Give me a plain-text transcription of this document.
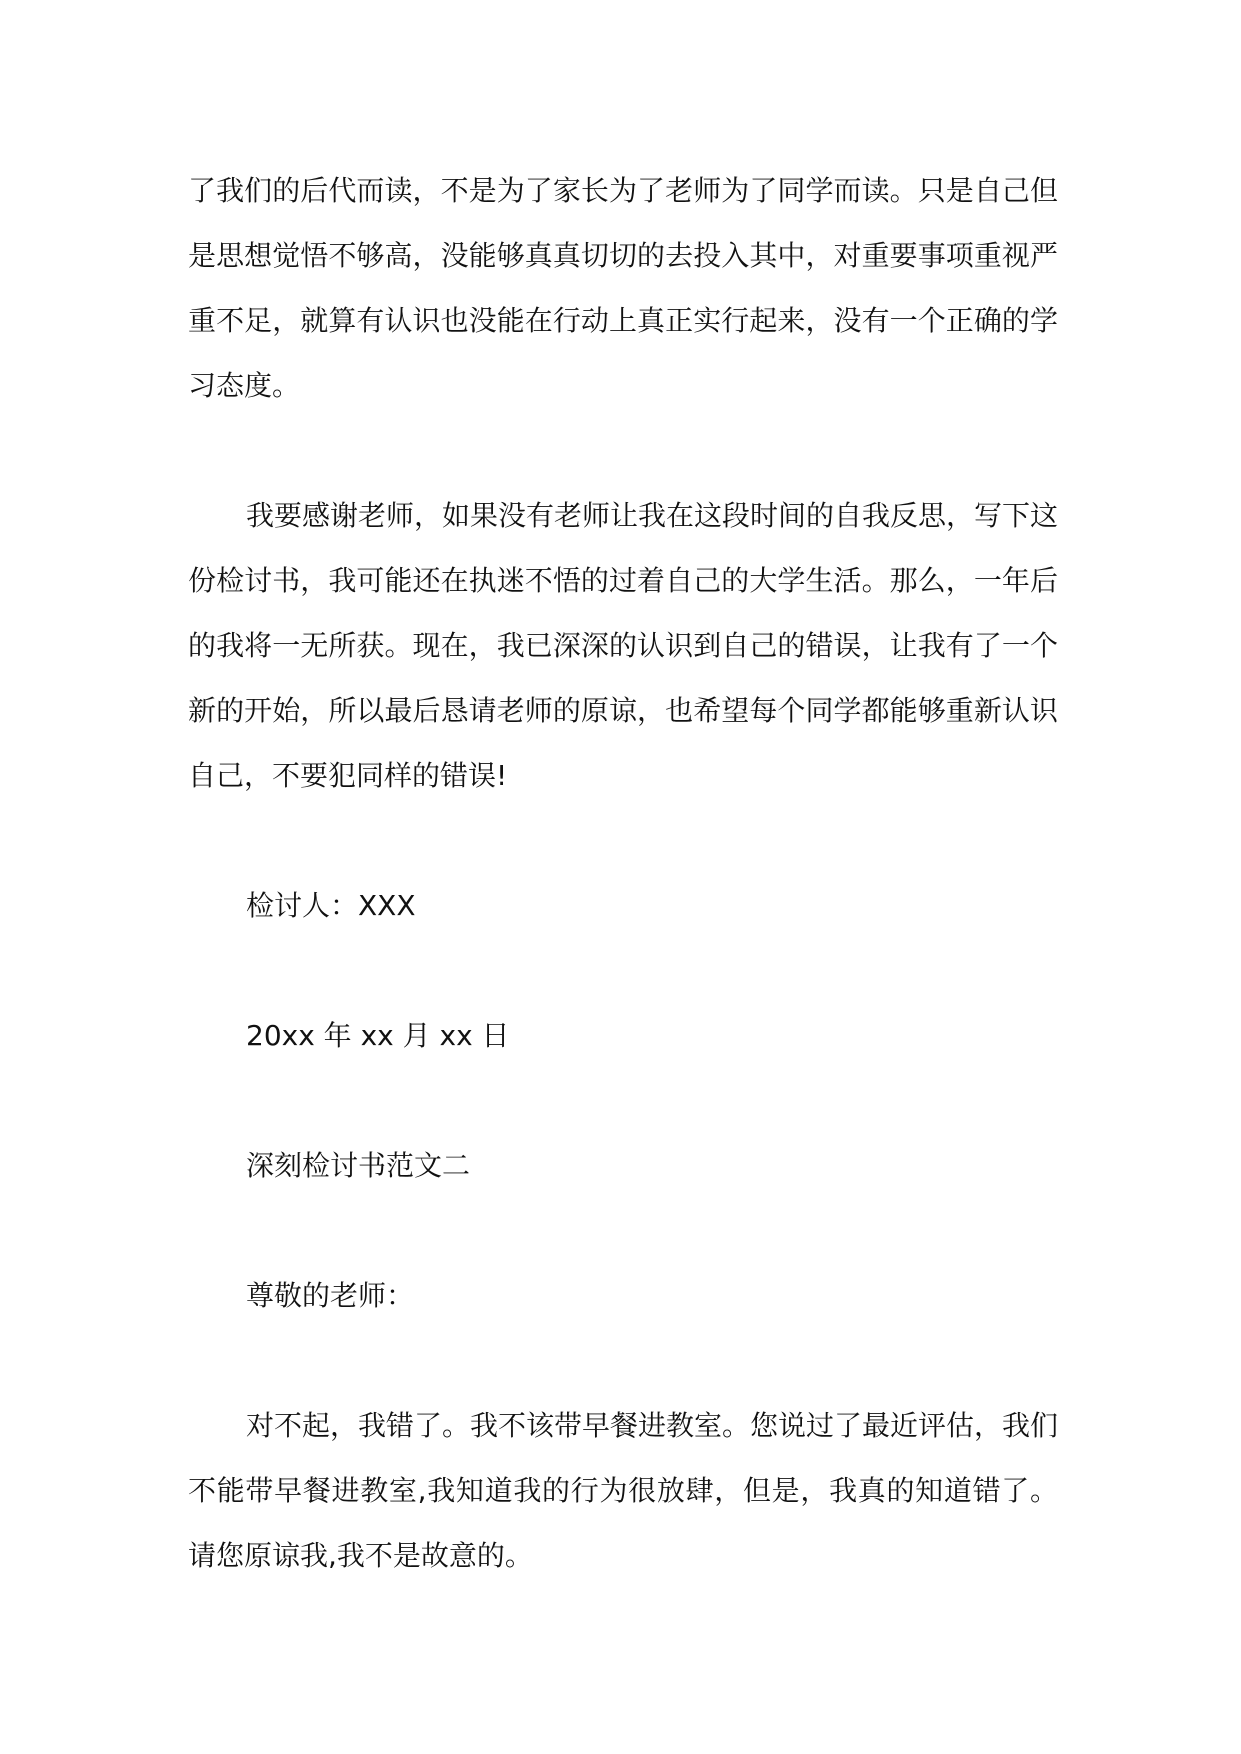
了我们的后代而读，不是为了家长为了老师为了同学而读。只是自己但是思想觉悟不够高，没能够真真切切的去投入其中，对重要事项重视严重不足，就算有认识也没能在行动上真正实行起来，没有一个正确的学习态度。

我要感谢老师，如果没有老师让我在这段时间的自我反思，写下这份检讨书，我可能还在执迷不悟的过着自己的大学生活。那么，一年后的我将一无所获。现在，我已深深的认识到自己的错误，让我有了一个新的开始，所以最后恳请老师的原谅，也希望每个同学都能够重新认识自己，不要犯同样的错误!

检讨人：XXX

20xx 年 xx 月 xx 日

深刻检讨书范文二

尊敬的老师：

对不起，我错了。我不该带早餐进教室。您说过了最近评估，我们不能带早餐进教室,我知道我的行为很放肆，但是，我真的知道错了。请您原谅我,我不是故意的。
